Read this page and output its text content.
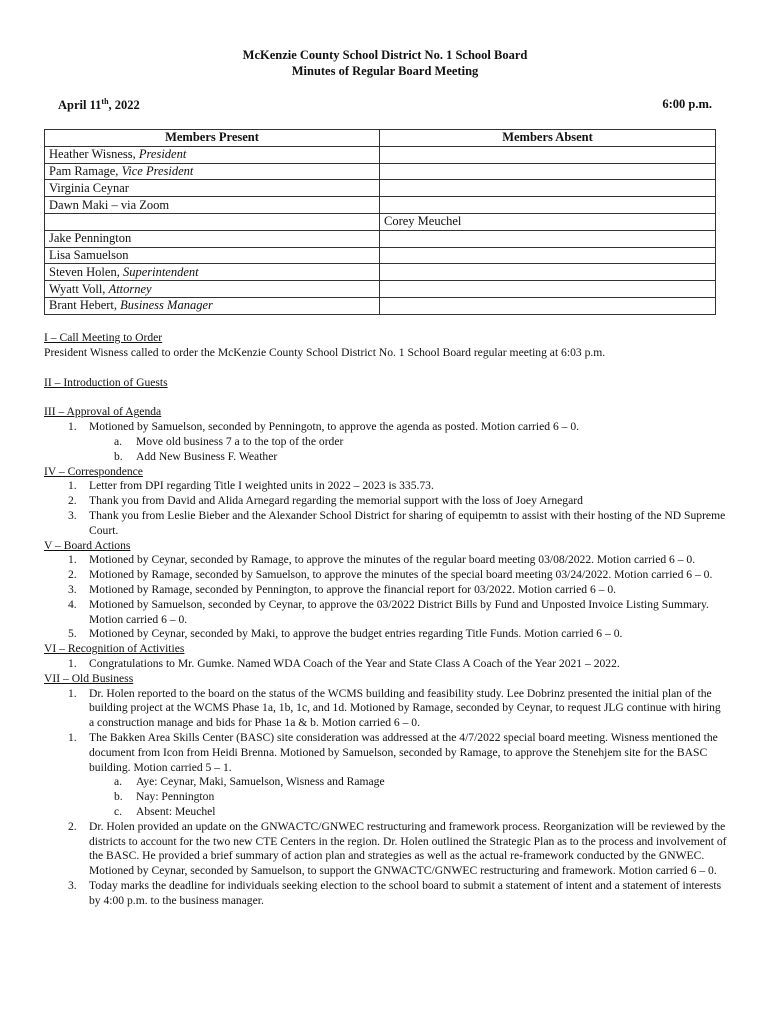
McKenzie County School District No. 1 School Board
Minutes of Regular Board Meeting
April 11th, 2022	6:00 p.m.
Members Present	Members Absent
Heather Wisness, President	
Pam Ramage, Vice President	
Virginia Ceynar	
Dawn Maki – via Zoom	
	Corey Meuchel
Jake Pennington	
Lisa Samuelson	
Steven Holen, Superintendent	
Wyatt Voll, Attorney	
Brant Hebert, Business Manager	
I – Call Meeting to Order
President Wisness called to order the McKenzie County School District No. 1 School Board regular meeting at 6:03 p.m.
II – Introduction of Guests
III – Approval of Agenda
1. Motioned by Samuelson, seconded by Penningotn, to approve the agenda as posted. Motion carried 6 – 0.
a. Move old business 7 a to the top of the order
b. Add New Business F. Weather
IV – Correspondence
1. Letter from DPI regarding Title I weighted units in 2022 – 2023 is 335.73.
2. Thank you from David and Alida Arnegard regarding the memorial support with the loss of Joey Arnegard
3. Thank you from Leslie Bieber and the Alexander School District for sharing of equipemtn to assist with their hosting of the ND Supreme Court.
V – Board Actions
1. Motioned by Ceynar, seconded by Ramage, to approve the minutes of the regular board meeting 03/08/2022. Motion carried 6 – 0.
2. Motioned by Ramage, seconded by Samuelson, to approve the minutes of the special board meeting 03/24/2022. Motion carried 6 – 0.
3. Motioned by Ramage, seconded by Pennington, to approve the financial report for 03/2022. Motion carried 6 – 0.
4. Motioned by Samuelson, seconded by Ceynar, to approve the 03/2022 District Bills by Fund and Unposted Invoice Listing Summary. Motion carried 6 – 0.
5. Motioned by Ceynar, seconded by Maki, to approve the budget entries regarding Title Funds. Motion carried 6 – 0.
VI – Recognition of Activities
1. Congratulations to Mr. Gumke. Named WDA Coach of the Year and State Class A Coach of the Year 2021 – 2022.
VII – Old Business
1. Dr. Holen reported to the board on the status of the WCMS building and feasibility study. Lee Dobrinz presented the initial plan of the building project at the WCMS Phase 1a, 1b, 1c, and 1d. Motioned by Ramage, seconded by Ceynar, to request JLG continue with hiring a construction manage and bids for Phase 1a & b. Motion carried 6 – 0.
1. The Bakken Area Skills Center (BASC) site consideration was addressed at the 4/7/2022 special board meeting. Wisness mentioned the document from Icon from Heidi Brenna. Motioned by Samuelson, seconded by Ramage, to approve the Stenehjem site for the BASC building. Motion carried 5 – 1.
a. Aye: Ceynar, Maki, Samuelson, Wisness and Ramage
b. Nay: Pennington
c. Absent: Meuchel
2. Dr. Holen provided an update on the GNWACTC/GNWEC restructuring and framework process. Reorganization will be reviewed by the districts to account for the two new CTE Centers in the region. Dr. Holen outlined the Strategic Plan as to the process and involvement of the BASC. He provided a brief summary of action plan and strategies as well as the actual re-framework conducted by the GNWEC. Motioned by Ceynar, seconded by Samuelson, to support the GNWACTC/GNWEC restructuring and framework. Motion carried 6 – 0.
3. Today marks the deadline for individuals seeking election to the school board to submit a statement of intent and a statement of interests by 4:00 p.m. to the business manager.
